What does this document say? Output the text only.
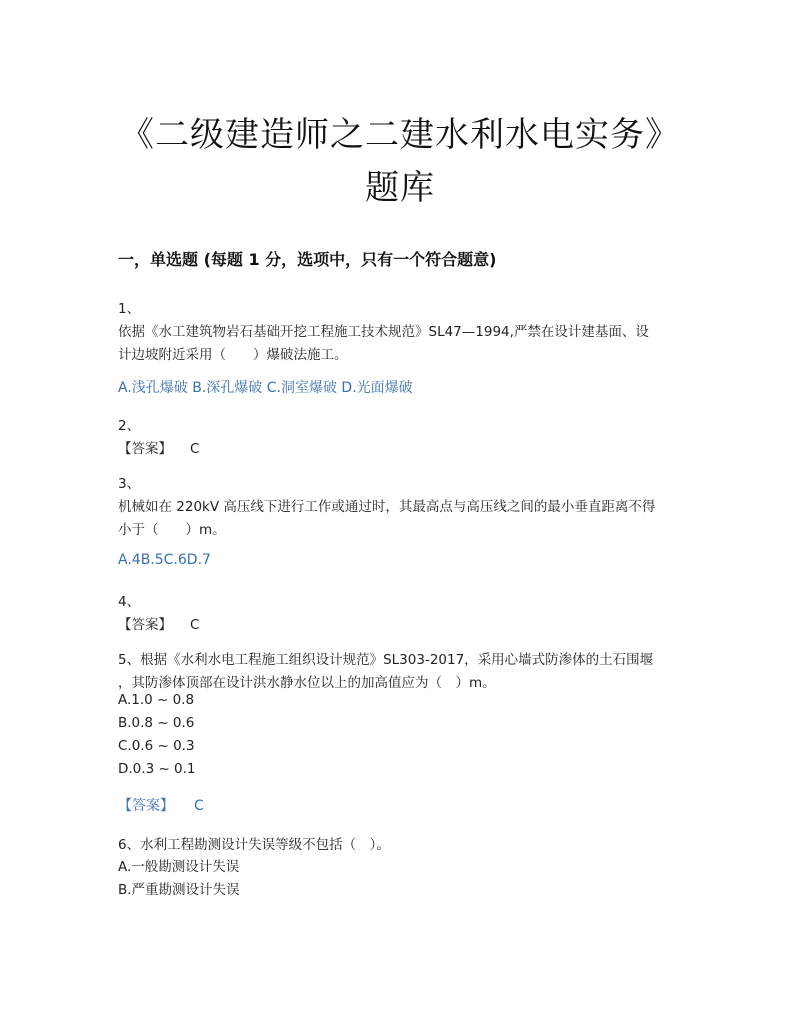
《二级建造师之二建水利水电实务》
题库
一，单选题 (每题 1 分，选项中，只有一个符合题意)
1、
依据《水工建筑物岩石基础开挖工程施工技术规范》SL47—1994,严禁在设计建基面、设
计边坡附近采用（　　）爆破法施工。
A.浅孔爆破 B.深孔爆破 C.洞室爆破 D.光面爆破
2、
【答案】 C
3、
机械如在 220kV 高压线下进行工作或通过时，其最高点与高压线之间的最小垂直距离不得
小于（　　）m。
A.4B.5C.6D.7
4、
【答案】 C
5、根据《水利水电工程施工组织设计规范》SL303-2017，采用心墙式防渗体的土石围堰
，其防渗体顶部在设计洪水静水位以上的加高值应为（　）m。
A.1.0 ~ 0.8
B.0.8 ~ 0.6
C.0.6 ~ 0.3
D.0.3 ~ 0.1
【答案】 C
6、水利工程勘测设计失误等级不包括（　）。
A.一般勘测设计失误
B.严重勘测设计失误
